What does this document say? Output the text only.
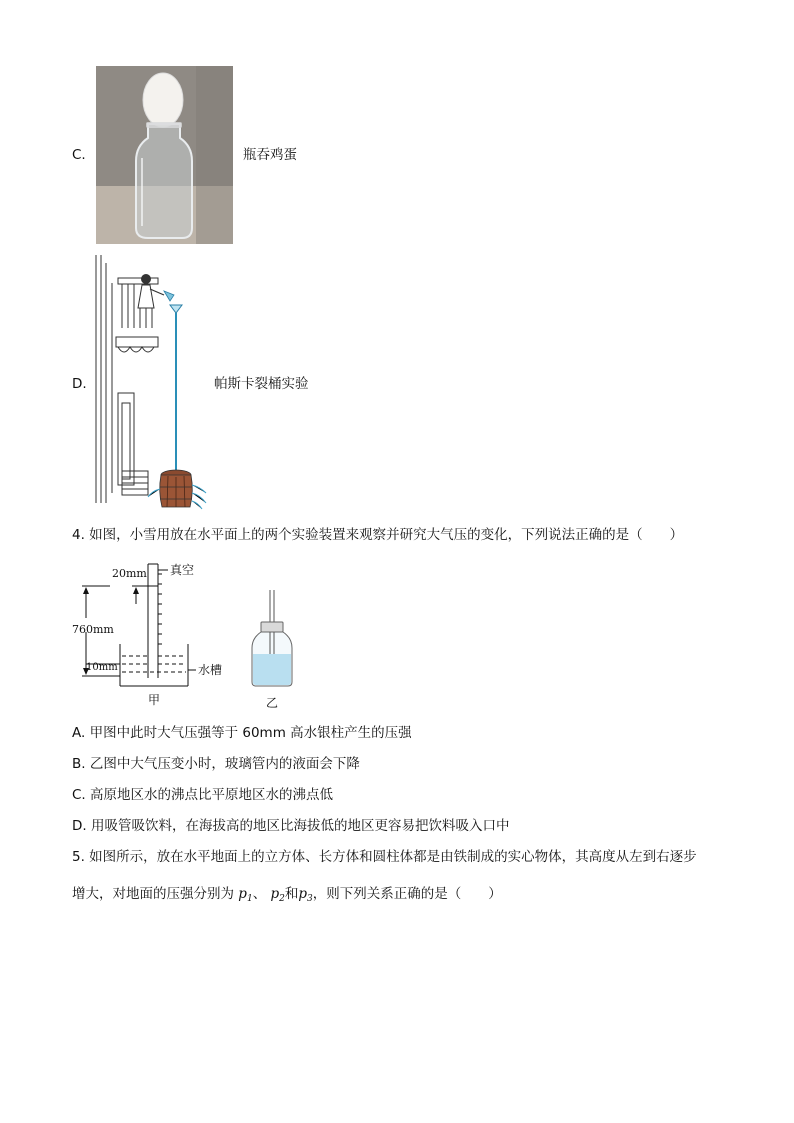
C.	瓶吞鸡蛋
D.	帕斯卡裂桶实验
4. 如图，小雪用放在水平面上的两个实验装置来观察并研究大气压的变化，下列说法正确的是（　　）
20mm 真空
760mm
10mm	水槽
甲	乙
A. 甲图中此时大气压强等于 60mm 高水银柱产生的压强
B. 乙图中大气压变小时，玻璃管内的液面会下降
C. 高原地区水的沸点比平原地区水的沸点低
D. 用吸管吸饮料，在海拔高的地区比海拔低的地区更容易把饮料吸入口中
5. 如图所示，放在水平地面上的立方体、长方体和圆柱体都是由铁制成的实心物体，其高度从左到右逐步
增大，对地面的压强分别为 $p_1$、 $p_2$和$p_3$，则下列关系正确的是（　　）
